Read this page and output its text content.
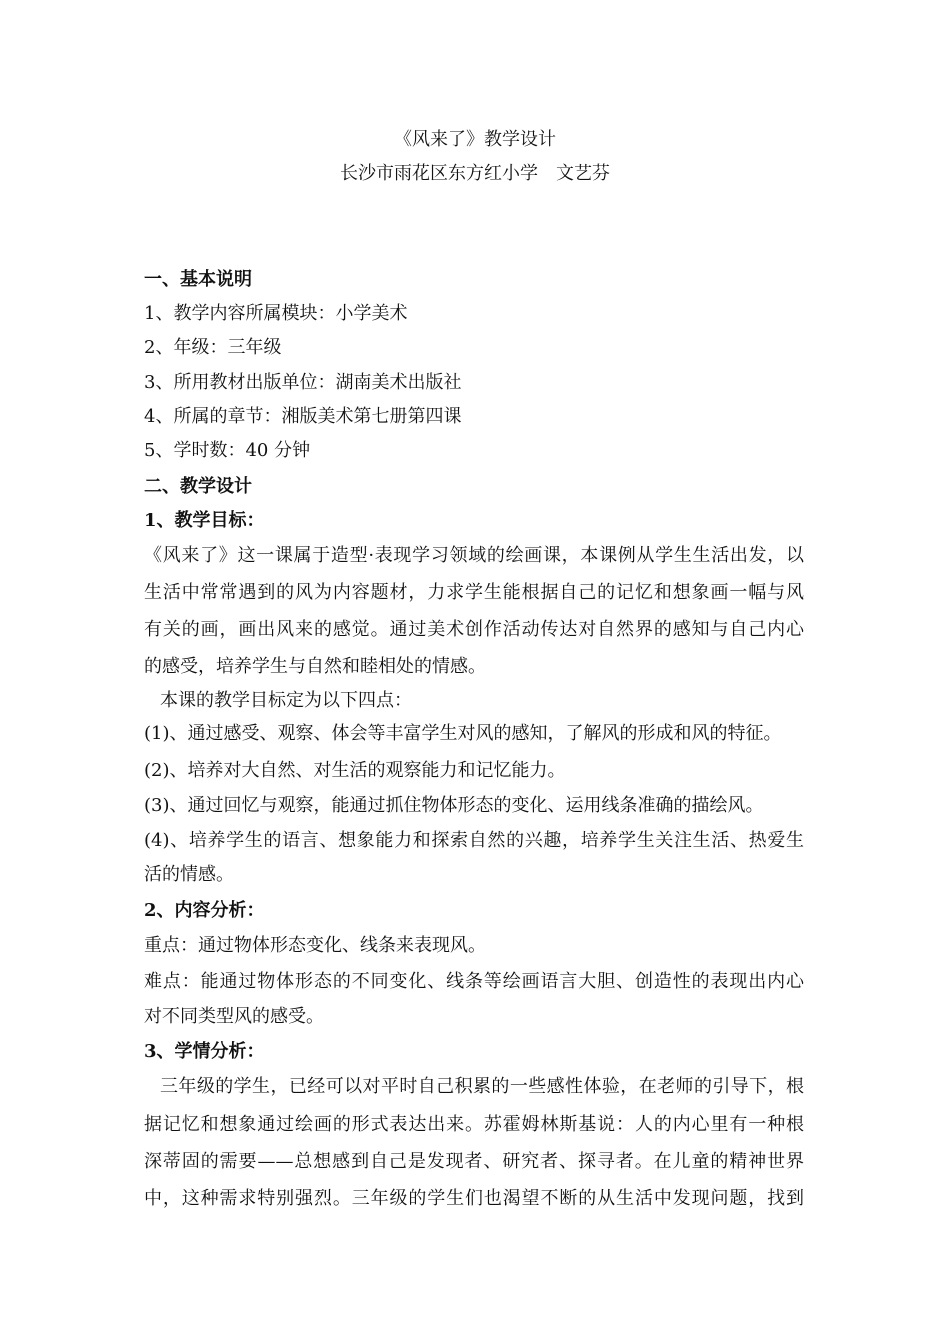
《风来了》教学设计
长沙市雨花区东方红小学　文艺芬
一、基本说明
1、教学内容所属模块：小学美术
2、年级：三年级
3、所用教材出版单位：湖南美术出版社
4、所属的章节：湘版美术第七册第四课
5、学时数：40 分钟
二、教学设计
1、教学目标：
《风来了》这一课属于造型·表现学习领域的绘画课，本课例从学生生活出发，以
生活中常常遇到的风为内容题材，力求学生能根据自己的记忆和想象画一幅与风
有关的画，画出风来的感觉。通过美术创作活动传达对自然界的感知与自己内心
的感受，培养学生与自然和睦相处的情感。
本课的教学目标定为以下四点：
(1)、通过感受、观察、体会等丰富学生对风的感知，了解风的形成和风的特征。
(2)、培养对大自然、对生活的观察能力和记忆能力。
(3)、通过回忆与观察，能通过抓住物体形态的变化、运用线条准确的描绘风。
(4)、培养学生的语言、想象能力和探索自然的兴趣，培养学生关注生活、热爱生
活的情感。
2、内容分析：
重点：通过物体形态变化、线条来表现风。
难点：能通过物体形态的不同变化、线条等绘画语言大胆、创造性的表现出内心
对不同类型风的感受。
3、学情分析：
三年级的学生，已经可以对平时自己积累的一些感性体验，在老师的引导下，根
据记忆和想象通过绘画的形式表达出来。苏霍姆林斯基说：人的内心里有一种根
深蒂固的需要——总想感到自己是发现者、研究者、探寻者。在儿童的精神世界
中，这种需求特别强烈。三年级的学生们也渴望不断的从生活中发现问题，找到
